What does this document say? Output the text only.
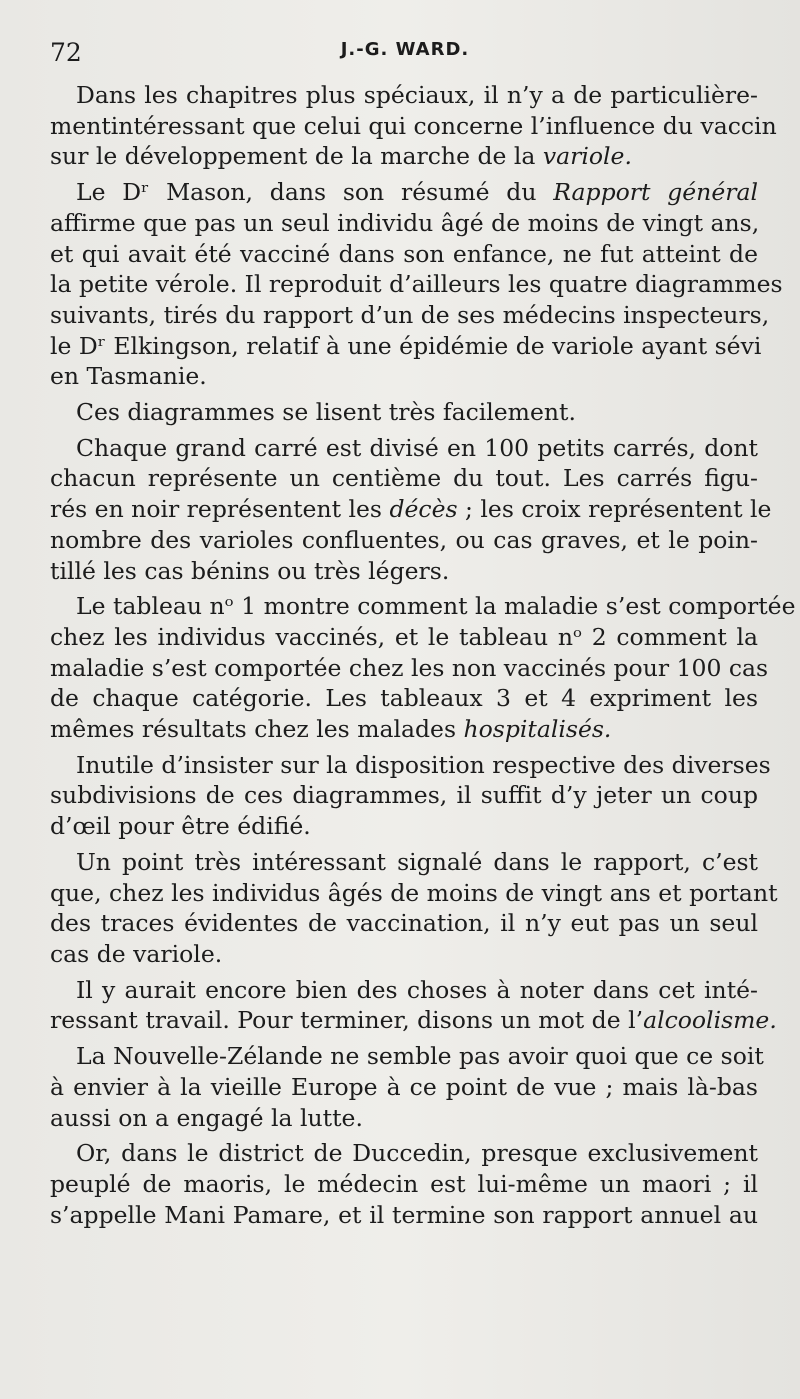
72	J.-G. WARD.
Dans les chapitres plus spéciaux, il n’y a de particulière-
mentintéressant que celui qui concerne l’influence du vaccin
sur le développement de la marche de la variole.
Le Dʳ Mason, dans son résumé du Rapport général
affirme que pas un seul individu âgé de moins de vingt ans,
et qui avait été vacciné dans son enfance, ne fut atteint de
la petite vérole. Il reproduit d’ailleurs les quatre diagrammes
suivants, tirés du rapport d’un de ses médecins inspecteurs,
le Dʳ Elkingson, relatif à une épidémie de variole ayant sévi
en Tasmanie.
Ces diagrammes se lisent très facilement.
Chaque grand carré est divisé en 100 petits carrés, dont
chacun représente un centième du tout. Les carrés figu-
rés en noir représentent les décès ; les croix représentent le
nombre des varioles confluentes, ou cas graves, et le poin-
tillé les cas bénins ou très légers.
Le tableau nᵒ 1 montre comment la maladie s’est comportée
chez les individus vaccinés, et le tableau nᵒ 2 comment la
maladie s’est comportée chez les non vaccinés pour 100 cas
de chaque catégorie. Les tableaux 3 et 4 expriment les
mêmes résultats chez les malades hospitalisés.
Inutile d’insister sur la disposition respective des diverses
subdivisions de ces diagrammes, il suffit d’y jeter un coup
d’œil pour être édifié.
Un point très intéressant signalé dans le rapport, c’est
que, chez les individus âgés de moins de vingt ans et portant
des traces évidentes de vaccination, il n’y eut pas un seul
cas de variole.
Il y aurait encore bien des choses à noter dans cet inté-
ressant travail. Pour terminer, disons un mot de l’alcoolisme.
La Nouvelle-Zélande ne semble pas avoir quoi que ce soit
à envier à la vieille Europe à ce point de vue ; mais là-bas
aussi on a engagé la lutte.
Or, dans le district de Duccedin, presque exclusivement
peuplé de maoris, le médecin est lui-même un maori ; il
s’appelle Mani Pamare, et il termine son rapport annuel au
